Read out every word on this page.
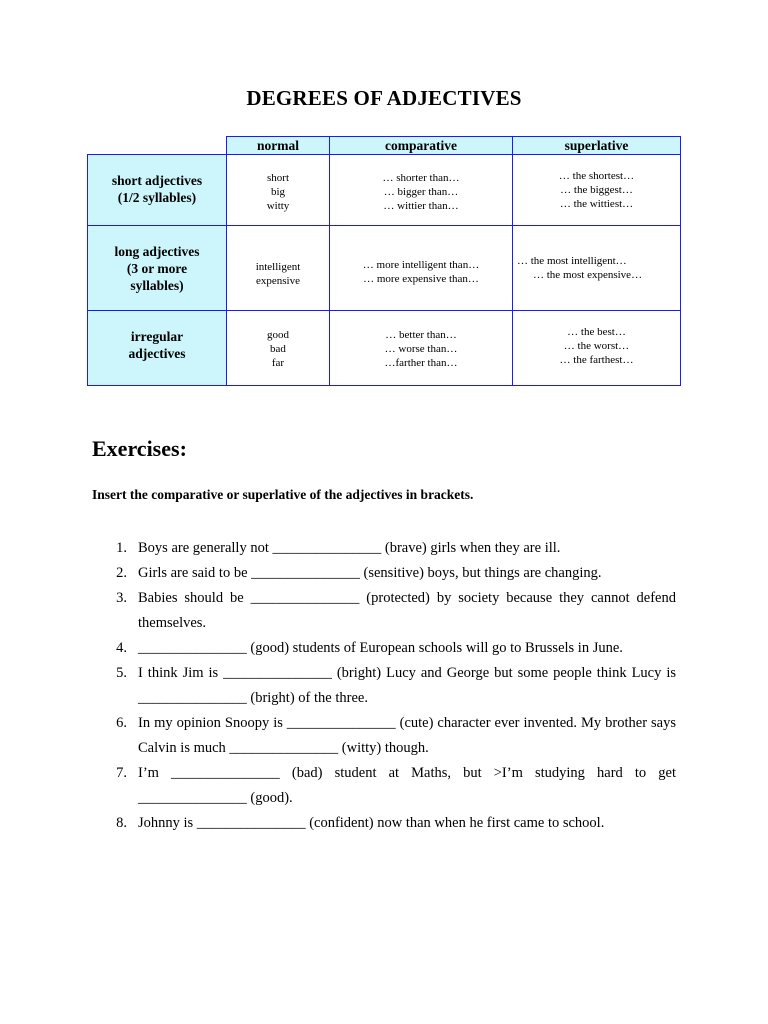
DEGREES OF ADJECTIVES
normal	comparative	superlative
short adjectives
(1/2 syllables)
short
big
witty
… shorter than…
… bigger than…
… wittier than…
… the shortest…
… the biggest…
… the wittiest…
long adjectives
(3 or more
syllables)
intelligent
expensive
… more intelligent than…
… more expensive than…
… the most intelligent…
… the most expensive…
irregular
adjectives
good
bad
far
… better than…
… worse than…
…farther than…
… the best…
… the worst…
… the farthest…
Exercises:
Insert the comparative or superlative of the adjectives in brackets.
1. Boys are generally not _______________ (brave) girls when they are ill.
2. Girls are said to be _______________ (sensitive) boys, but things are changing.
3. Babies should be _______________ (protected) by society because they cannot defend themselves.
4. _______________ (good) students of European schools will go to Brussels in June.
5. I think Jim is _______________ (bright) Lucy and George but some people think Lucy is _______________ (bright) of the three.
6. In my opinion Snoopy is _______________ (cute) character ever invented. My brother says Calvin is much _______________ (witty) though.
7. I’m _______________ (bad) student at Maths, but >I’m studying hard to get _______________ (good).
8. Johnny is _______________ (confident) now than when he first came to school.
